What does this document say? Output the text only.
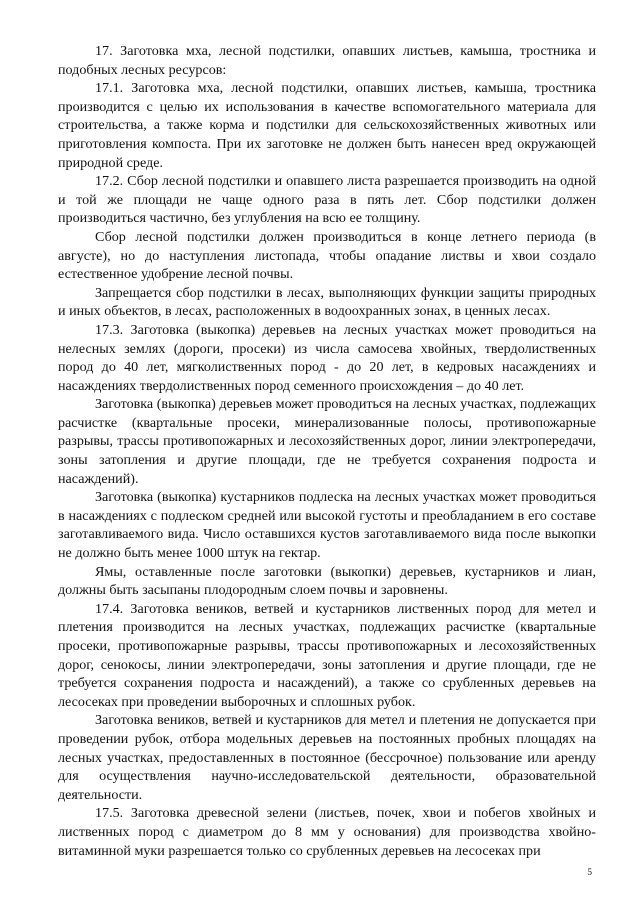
17. Заготовка мха, лесной подстилки, опавших листьев, камыша, тростника и подобных лесных ресурсов:

17.1. Заготовка мха, лесной подстилки, опавших листьев, камыша, тростника производится с целью их использования в качестве вспомогательного материала для строительства, а также корма и подстилки для сельскохозяйственных животных или приготовления компоста. При их заготовке не должен быть нанесен вред окружающей природной среде.

17.2. Сбор лесной подстилки и опавшего листа разрешается производить на одной и той же площади не чаще одного раза в пять лет. Сбор подстилки должен производиться частично, без углубления на всю ее толщину.

Сбор лесной подстилки должен производиться в конце летнего периода (в августе), но до наступления листопада, чтобы опадание листвы и хвои создало естественное удобрение лесной почвы.

Запрещается сбор подстилки в лесах, выполняющих функции защиты природных и иных объектов, в лесах, расположенных в водоохранных зонах, в ценных лесах.

17.3. Заготовка (выкопка) деревьев на лесных участках может проводиться на нелесных землях (дороги, просеки) из числа самосева хвойных, твердолиственных пород до 40 лет, мягколиственных пород - до 20 лет, в кедровых насаждениях и насаждениях твердолиственных пород семенного происхождения – до 40 лет.

Заготовка (выкопка) деревьев может проводиться на лесных участках, подлежащих расчистке (квартальные просеки, минерализованные полосы, противопожарные разрывы, трассы противопожарных и лесохозяйственных дорог, линии электропередачи, зоны затопления и другие площади, где не требуется сохранения подроста и насаждений).

Заготовка (выкопка) кустарников подлеска на лесных участках может проводиться в насаждениях с подлеском средней или высокой густоты и преобладанием в его составе заготавливаемого вида. Число оставшихся кустов заготавливаемого вида после выкопки не должно быть менее 1000 штук на гектар.

Ямы, оставленные после заготовки (выкопки) деревьев, кустарников и лиан, должны быть засыпаны плодородным слоем почвы и заровнены.

17.4. Заготовка веников, ветвей и кустарников лиственных пород для метел и плетения производится на лесных участках, подлежащих расчистке (квартальные просеки, противопожарные разрывы, трассы противопожарных и лесохозяйственных дорог, сенокосы, линии электропередачи, зоны затопления и другие площади, где не требуется сохранения подроста и насаждений), а также со срубленных деревьев на лесосеках при проведении выборочных и сплошных рубок.

Заготовка веников, ветвей и кустарников для метел и плетения не допускается при проведении рубок, отбора модельных деревьев на постоянных пробных площадях на лесных участках, предоставленных в постоянное (бессрочное) пользование или аренду для осуществления научно-исследовательской деятельности, образовательной деятельности.

17.5. Заготовка древесной зелени (листьев, почек, хвои и побегов хвойных и лиственных пород с диаметром до 8 мм у основания) для производства хвойно-витаминной муки разрешается только со срубленных деревьев на лесосеках при

5
